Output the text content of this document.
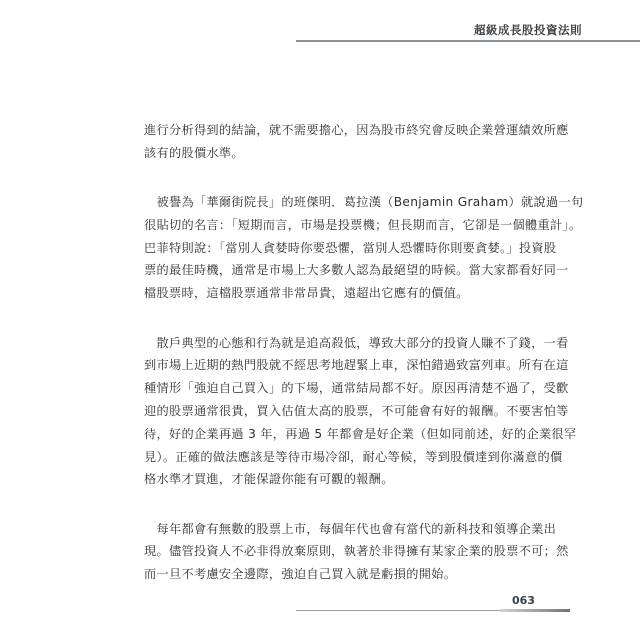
超級成長股投資法則

進行分析得到的結論，就不需要擔心，因為股市終究會反映企業營運績效所應
該有的股價水準。

　被譽為「華爾街院長」的班傑明．葛拉漢（Benjamin Graham）就說過一句
很貼切的名言：「短期而言，市場是投票機；但長期而言，它卻是一個體重計」。
巴菲特則說：「當別人貪婪時你要恐懼，當別人恐懼時你則要貪婪。」投資股
票的最佳時機，通常是市場上大多數人認為最絕望的時候。當大家都看好同一
檔股票時，這檔股票通常非常昂貴，遠超出它應有的價值。

　散戶典型的心態和行為就是追高殺低，導致大部分的投資人賺不了錢，一看
到市場上近期的熱門股就不經思考地趕緊上車，深怕錯過致富列車。所有在這
種情形「強迫自己買入」的下場，通常結局都不好。原因再清楚不過了，受歡
迎的股票通常很貴，買入估值太高的股票，不可能會有好的報酬。不要害怕等
待，好的企業再過 3 年，再過 5 年都會是好企業（但如同前述，好的企業很罕
見）。正確的做法應該是等待市場冷卻，耐心等候，等到股價達到你滿意的價
格水準才買進，才能保證你能有可觀的報酬。

　每年都會有無數的股票上市，每個年代也會有當代的新科技和領導企業出
現。儘管投資人不必非得放棄原則，執著於非得擁有某家企業的股票不可；然
而一旦不考慮安全邊際，強迫自己買入就是虧損的開始。

063
